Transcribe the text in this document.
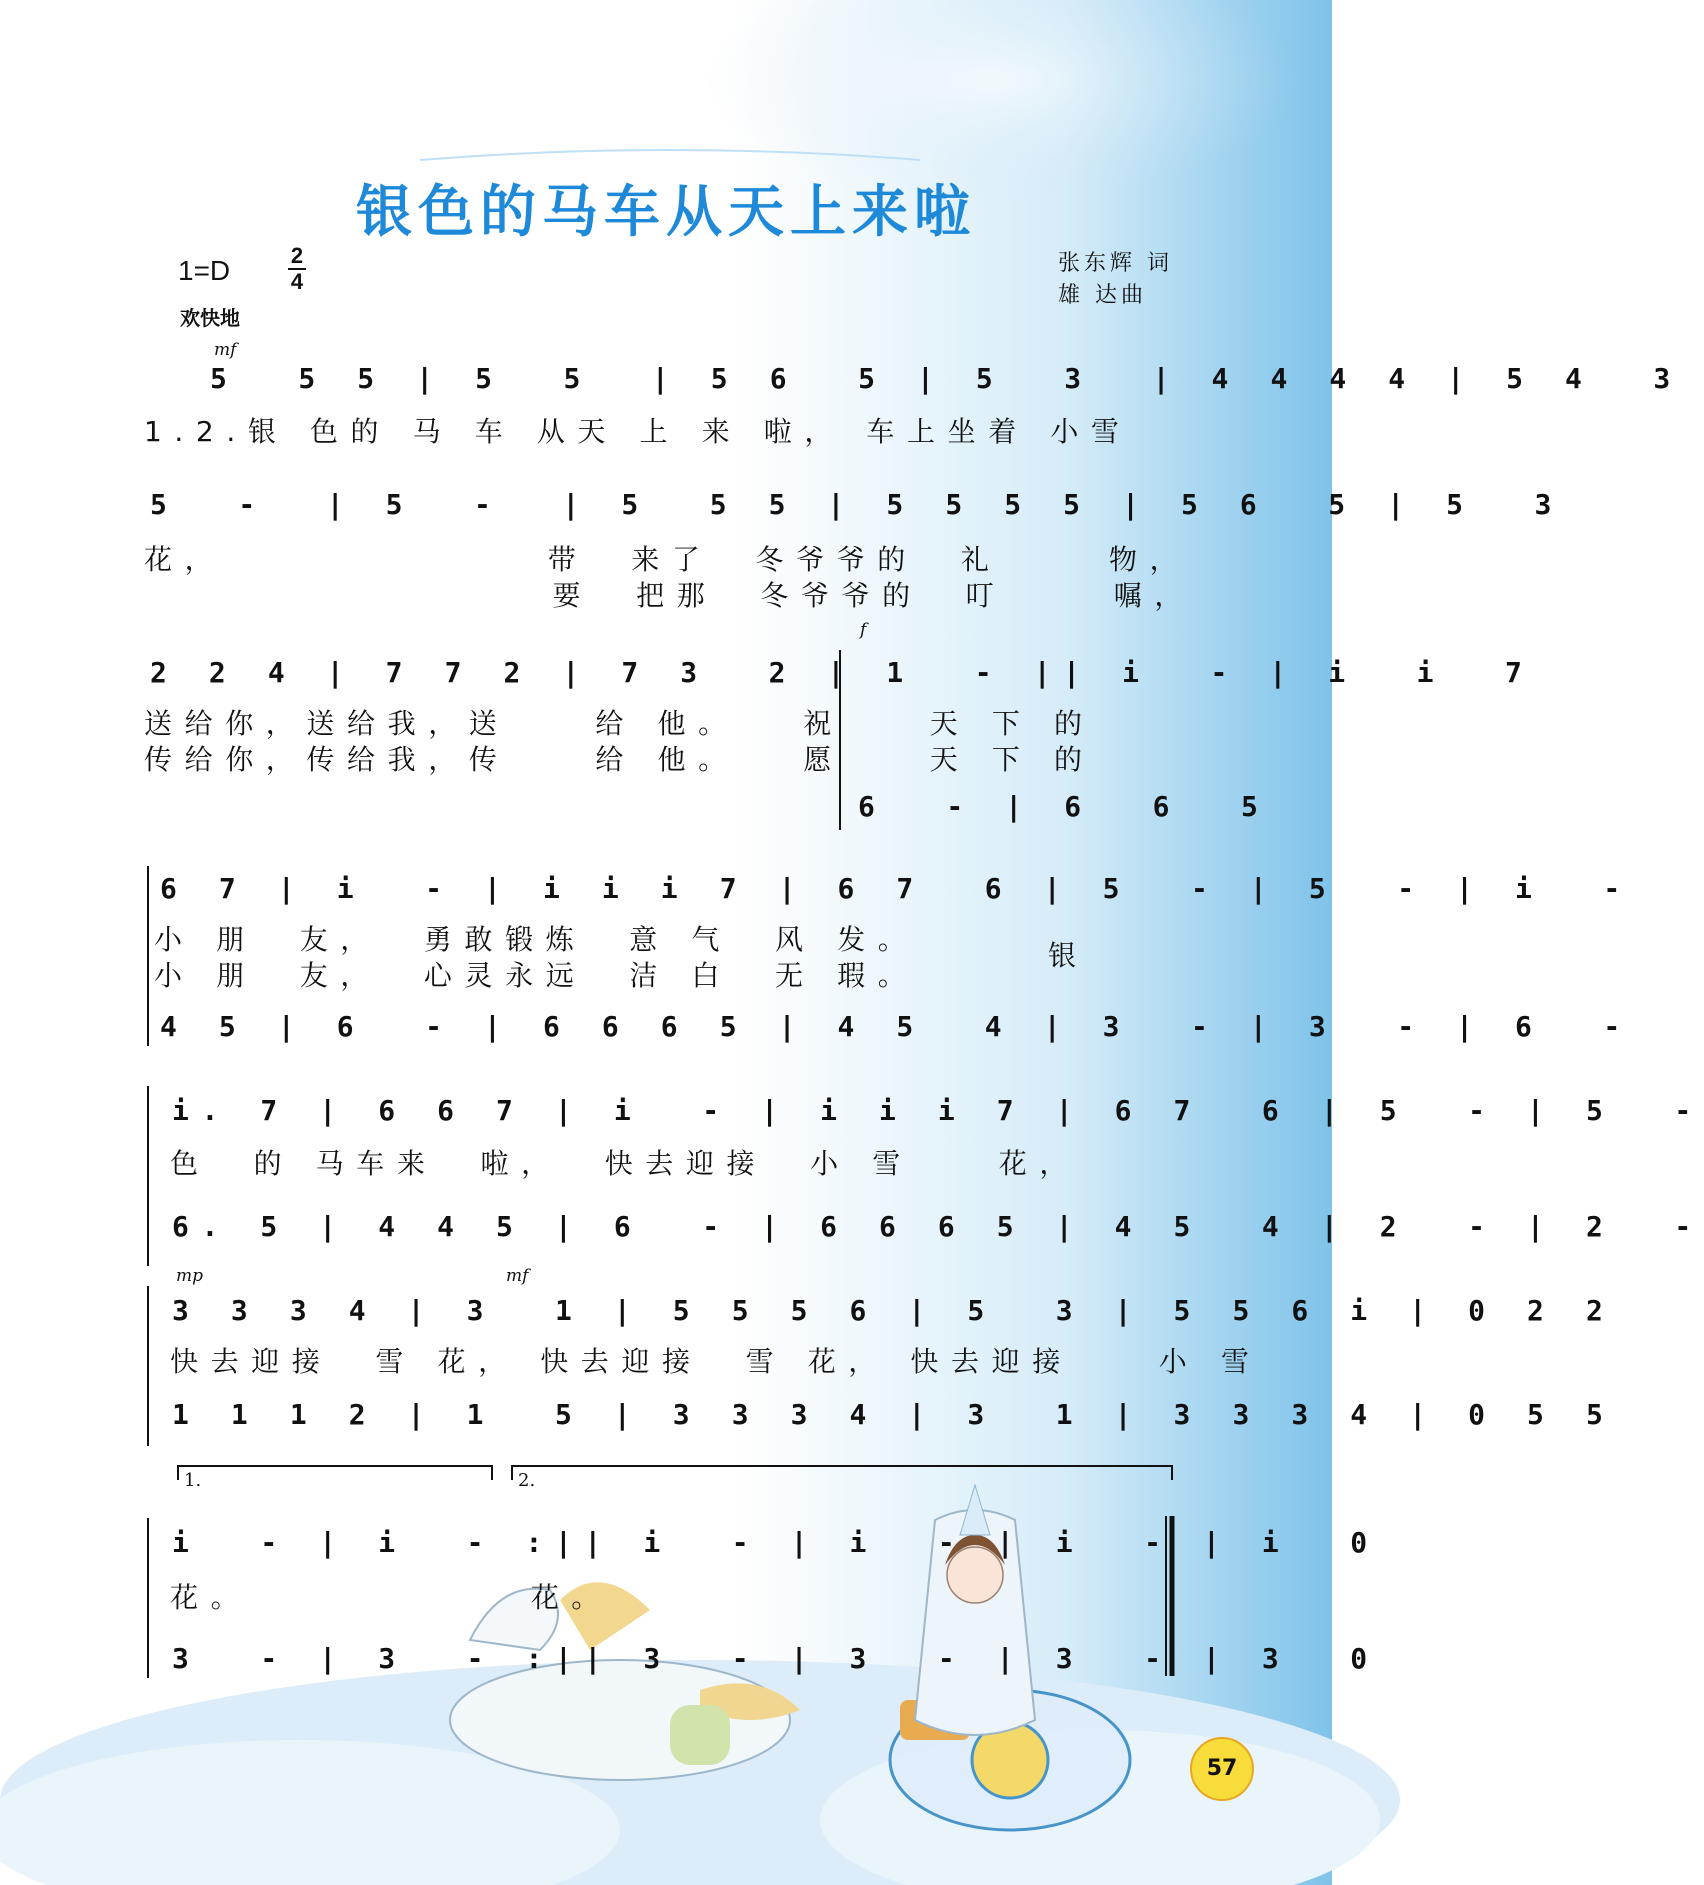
银色的马车从天上来啦
1=D	2
4
欢快地
张东辉 词
雄 达曲
mf
5  5 5 | 5  5  | 5 6  5 | 5  3  | 4 4 4 4 | 5 4  3
1.2.银 色的 马 车 从天 上 来 啦， 车上坐着 小雪
5  -  | 5  -  | 5  5 5 | 5 5 5 5 | 5 6  5 | 5  3
花，               带  来了  冬爷爷的  礼     物，
要  把那  冬爷爷的  叮     嘱，
f
2 2 4 | 7 7 2 | 7 3  2 | 1  - || i  - | i  i  7
送给你，送给我，送    给 他。   祝    天 下 的
传给你，传给我，传    给 他。   愿    天 下 的
6  - | 6  6  5
6 7 | i  - | i i i 7 | 6 7  6 | 5  - | 5  - | i  -
小 朋  友，  勇敢锻炼  意 气  风 发。
小 朋  友，  心灵永远  洁 白  无 瑕。
银
4 5 | 6  - | 6 6 6 5 | 4 5  4 | 3  - | 3  - | 6  -
i. 7 | 6 6 7 | i  - | i i i 7 | 6 7  6 | 5  - | 5  -
色  的 马车来  啦，  快去迎接  小 雪    花，
6. 5 | 4 4 5 | 6  - | 6 6 6 5 | 4 5  4 | 2  - | 2  -
mp	mf
3 3 3 4 | 3  1 | 5 5 5 6 | 5  3 | 5 5 6 i | 0 2 2
快去迎接  雪 花， 快去迎接  雪 花， 快去迎接    小 雪
1 1 1 2 | 1  5 | 3 3 3 4 | 3  1 | 3 3 3 4 | 0 5 5
1.	2.
i  - | i  - :|| i  - | i  - | i  - | i  0
花。             花。
3  - | 3  - :|| 3  - | 3  - | 3  - | 3  0
57
